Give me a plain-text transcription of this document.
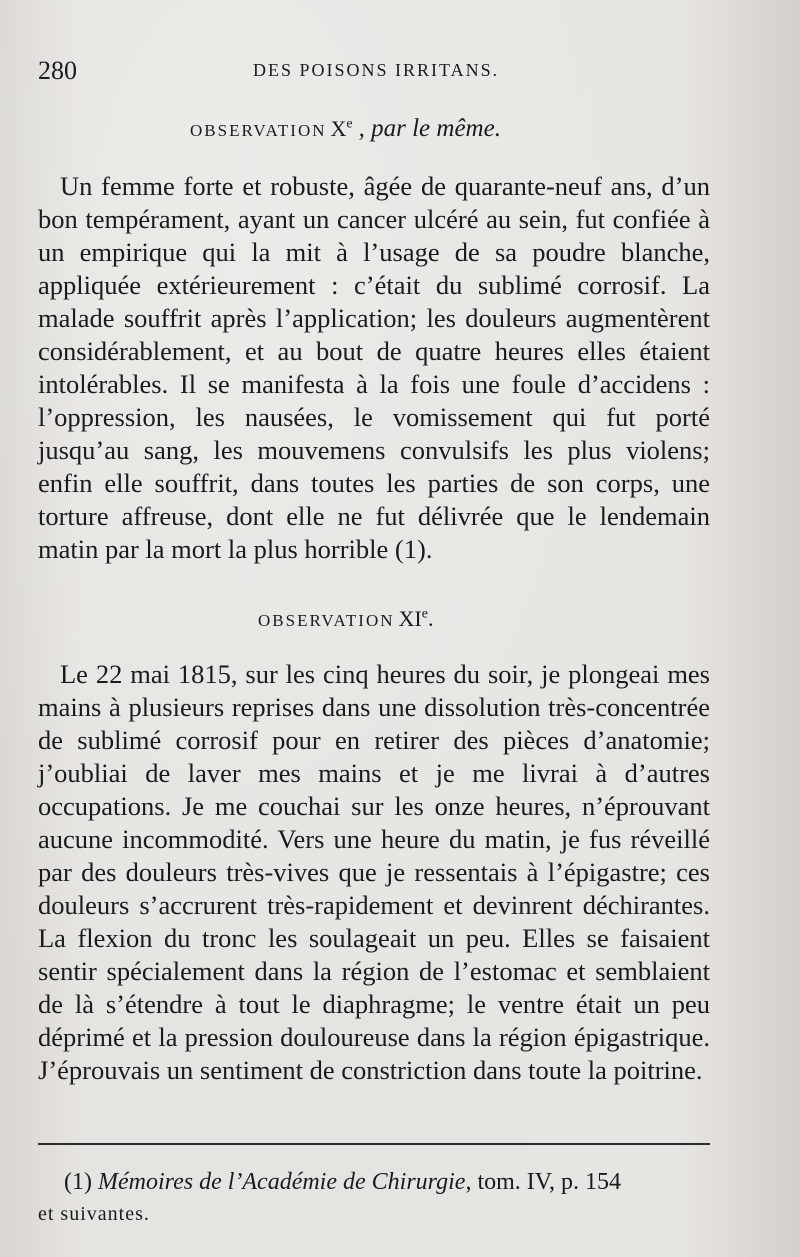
280	DES POISONS IRRITANS.
OBSERVATION Xe , par le même.
Un femme forte et robuste, âgée de quarante-neuf ans, d’un bon tempérament, ayant un cancer ulcéré au sein, fut confiée à un empirique qui la mit à l’usage de sa poudre blanche, appliquée extérieurement : c’était du sublimé corrosif. La malade souffrit après l’application; les douleurs augmentèrent considérablement, et au bout de quatre heures elles étaient intolérables. Il se manifesta à la fois une foule d’accidens : l’oppression, les nausées, le vomissement qui fut porté jusqu’au sang, les mouvemens convulsifs les plus violens; enfin elle souffrit, dans toutes les parties de son corps, une torture affreuse, dont elle ne fut délivrée que le lendemain matin par la mort la plus horrible (1).
OBSERVATION XIe.
Le 22 mai 1815, sur les cinq heures du soir, je plongeai mes mains à plusieurs reprises dans une dissolution très-concentrée de sublimé corrosif pour en retirer des pièces d’anatomie; j’oubliai de laver mes mains et je me livrai à d’autres occupations. Je me couchai sur les onze heures, n’éprouvant aucune incommodité. Vers une heure du matin, je fus réveillé par des douleurs très-vives que je ressentais à l’épigastre; ces douleurs s’accrurent très-rapidement et devinrent déchirantes. La flexion du tronc les soulageait un peu. Elles se faisaient sentir spécialement dans la région de l’estomac et semblaient de là s’étendre à tout le diaphragme; le ventre était un peu déprimé et la pression douloureuse dans la région épigastrique. J’éprouvais un sentiment de constriction dans toute la poitrine.
(1) Mémoires de l’Académie de Chirurgie, tom. IV, p. 154
et suivantes.
